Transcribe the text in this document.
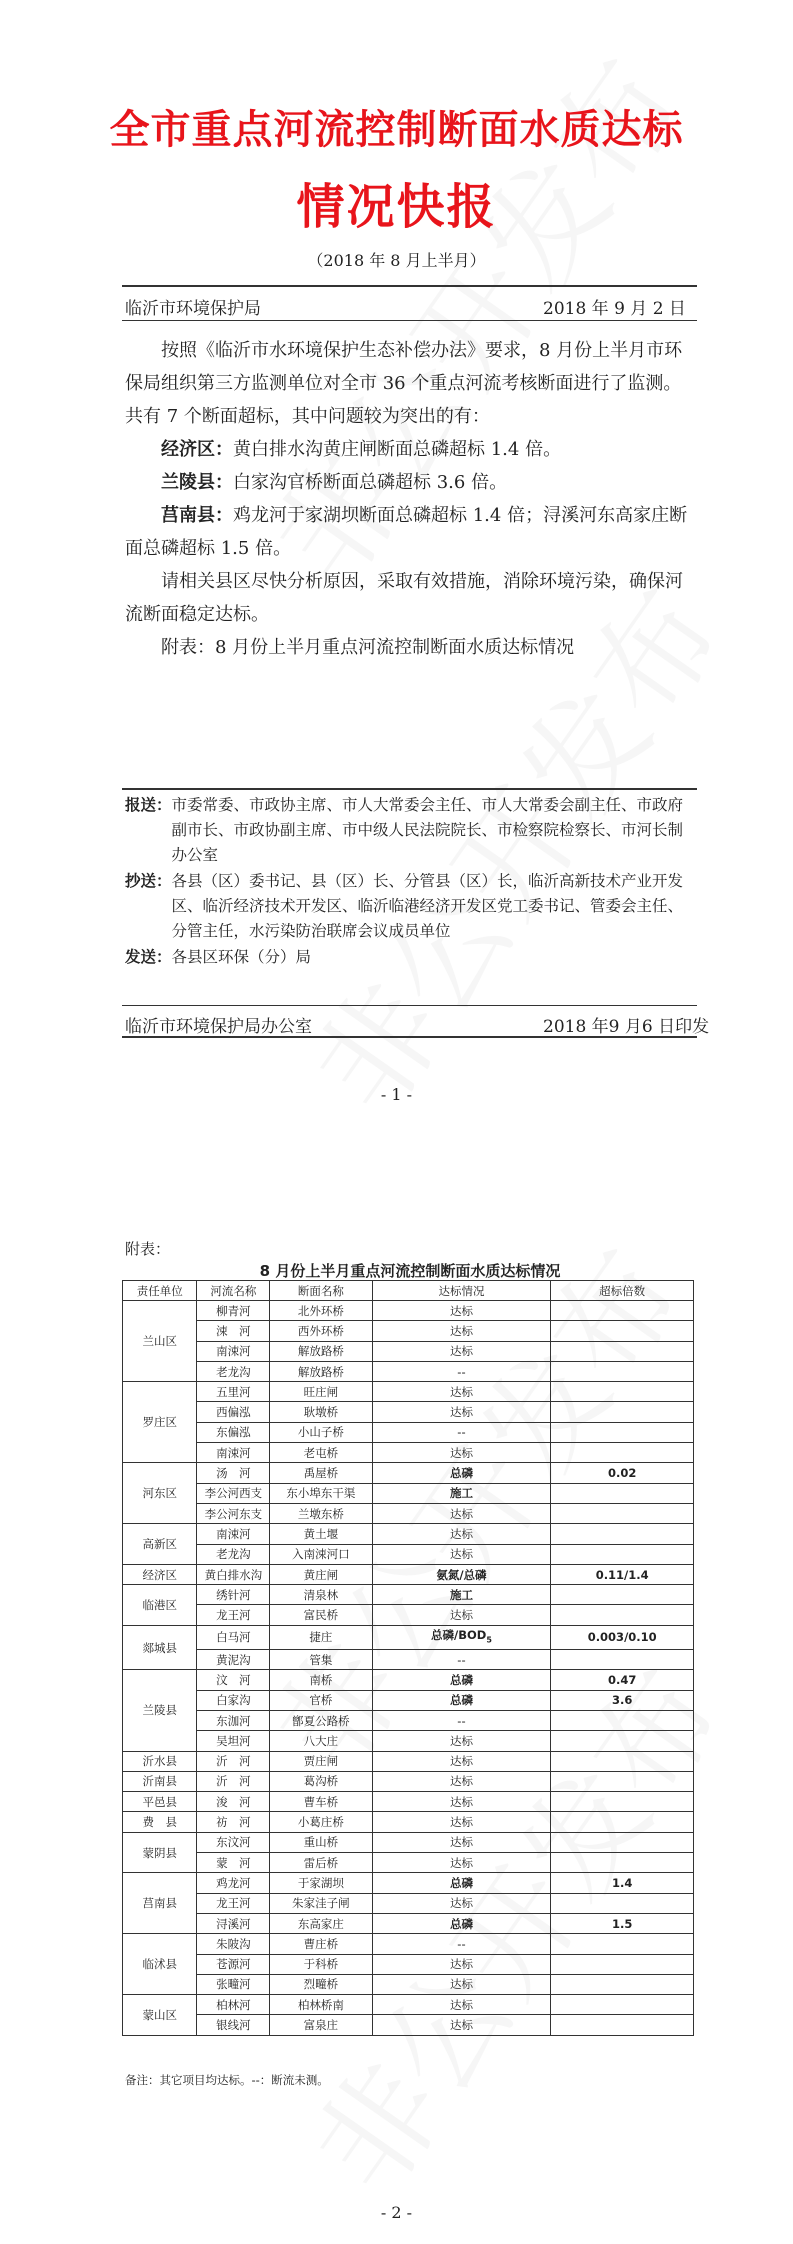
全市重点河流控制断面水质达标
情况快报
（2018 年 8 月上半月）
临沂市环境保护局	2018 年 9 月 2 日

按照《临沂市水环境保护生态补偿办法》要求，8 月份上半月市环保局组织第三方监测单位对全市 36 个重点河流考核断面进行了监测。共有 7 个断面超标，其中问题较为突出的有：

经济区：黄白排水沟黄庄闸断面总磷超标 1.4 倍。

兰陵县：白家沟官桥断面总磷超标 3.6 倍。

莒南县：鸡龙河于家湖坝断面总磷超标 1.4 倍；浔溪河东高家庄断面总磷超标 1.5 倍。

请相关县区尽快分析原因，采取有效措施，消除环境污染，确保河流断面稳定达标。

附表：8 月份上半月重点河流控制断面水质达标情况

报送：市委常委、市政协主席、市人大常委会主任、市人大常委会副主任、市政府副市长、市政协副主席、市中级人民法院院长、市检察院检察长、市河长制办公室

抄送：各县（区）委书记、县（区）长、分管县（区）长，临沂高新技术产业开发区、临沂经济技术开发区、临沂临港经济开发区党工委书记、管委会主任、分管主任，水污染防治联席会议成员单位

发送：各县区环保（分）局

临沂市环境保护局办公室	2018 年9 月6 日印发
- 1 -
附表：
8 月份上半月重点河流控制断面水质达标情况
责任单位	河流名称	断面名称	达标情况	超标倍数
兰山区	柳青河	北外环桥	达标	
	涑　河	西外环桥	达标	
	南涑河	解放路桥	达标	
	老龙沟	解放路桥	--	
罗庄区	五里河	旺庄闸	达标	
	西偏泓	耿墩桥	达标	
	东偏泓	小山子桥	--	
	南涑河	老屯桥	达标	
河东区	汤　河	禹屋桥	总磷	0.02
	李公河西支	东小埠东干渠	施工	
	李公河东支	兰墩东桥	达标	
高新区	南涑河	黄土堰	达标	
	老龙沟	入南涑河口	达标	
经济区	黄白排水沟	黄庄闸	氨氮/总磷	0.11/1.4
临港区	绣针河	清泉林	施工	
	龙王河	富民桥	达标	
郯城县	白马河	捷庄	总磷$/BOD_5$	0.003/0.10
	黄泥沟	管集	--	
兰陵县	汶　河	南桥	总磷	0.47
	白家沟	官桥	总磷	3.6
	东泇河	鄫夏公路桥	--	
	吴坦河	八大庄	达标	
沂水县	沂　河	贾庄闸	达标	
沂南县	沂　河	葛沟桥	达标	
平邑县	浚　河	曹车桥	达标	
费　县	祊　河	小葛庄桥	达标	
蒙阴县	东汶河	重山桥	达标	
	蒙　河	雷后桥	达标	
莒南县	鸡龙河	于家湖坝	总磷	1.4
	龙王河	朱家洼子闸	达标	
	浔溪河	东高家庄	总磷	1.5
临沭县	朱陂沟	曹庄桥	--	
	苍源河	于科桥	达标	
	张疃河	烈疃桥	达标	
蒙山区	柏林河	柏林桥南	达标	
	银线河	富泉庄	达标	
备注：其它项目均达标。--：断流未测。
- 2 -
